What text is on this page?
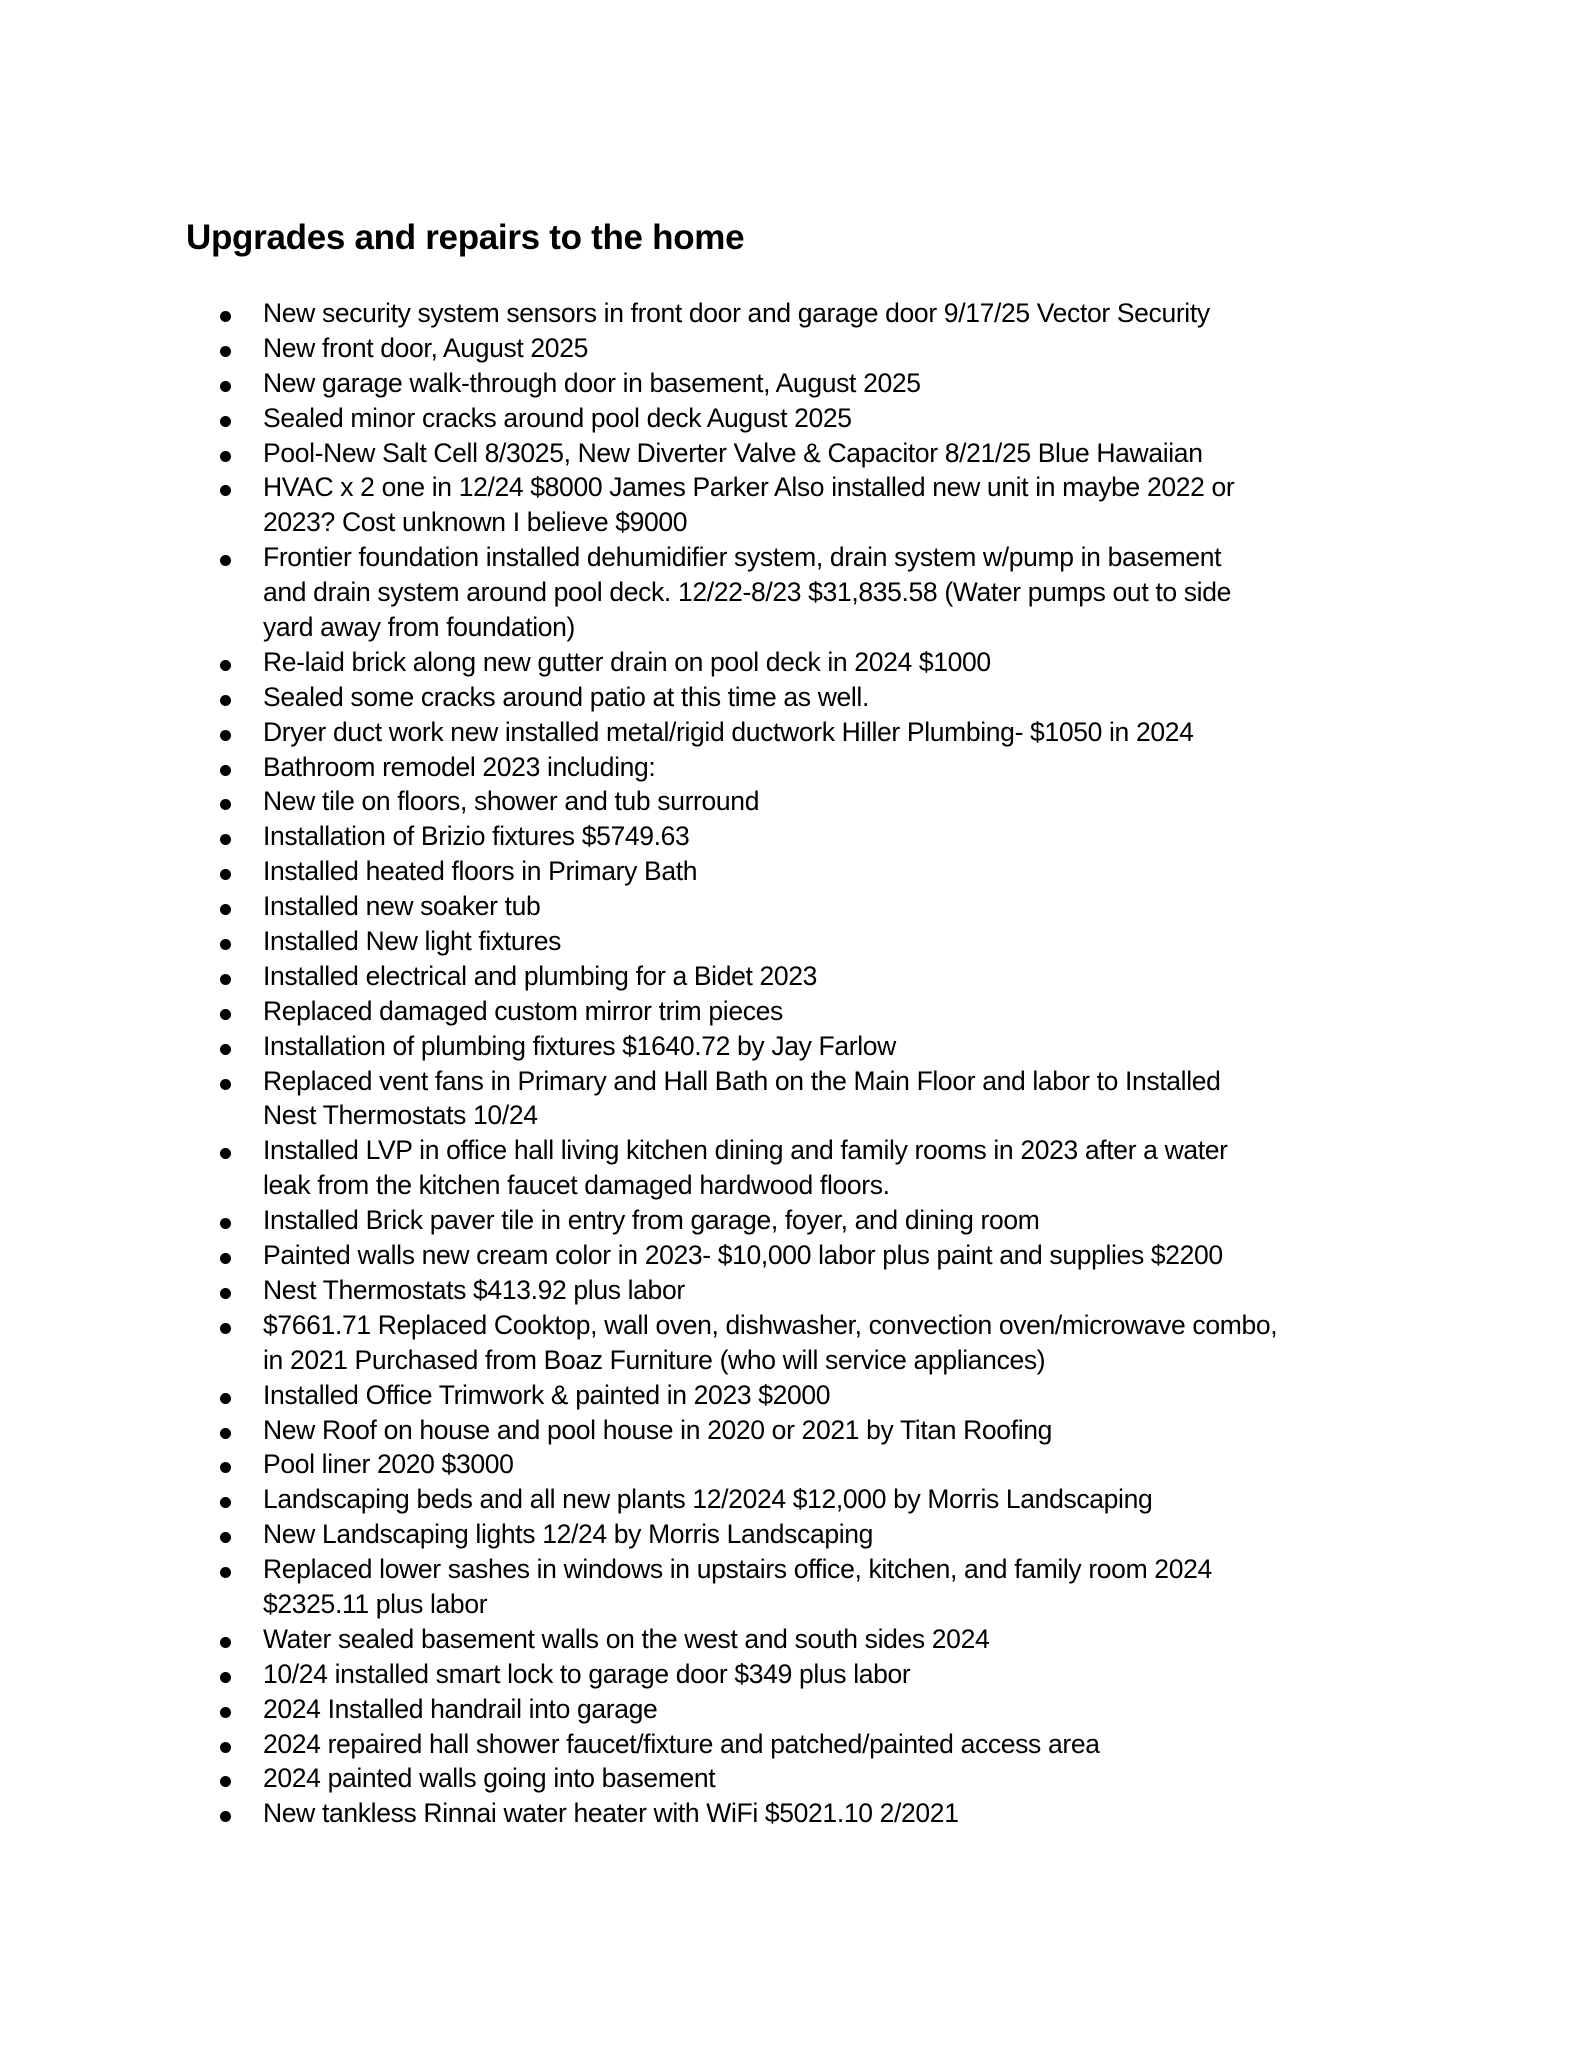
Upgrades and repairs to the home
New security system sensors in front door and garage door 9/17/25 Vector Security
New front door, August 2025
New garage walk-through door in basement, August 2025
Sealed minor cracks around pool deck August 2025
Pool-New Salt Cell 8/3025, New Diverter Valve & Capacitor 8/21/25 Blue Hawaiian
HVAC x 2 one in 12/24 $8000 James Parker Also installed new unit in maybe 2022 or
2023? Cost unknown I believe $9000
Frontier foundation installed dehumidifier system, drain system w/pump in basement
and drain system around pool deck. 12/22-8/23 $31,835.58 (Water pumps out to side
yard away from foundation)
Re-laid brick along new gutter drain on pool deck in 2024 $1000
Sealed some cracks around patio at this time as well.
Dryer duct work new installed metal/rigid ductwork Hiller Plumbing- $1050 in 2024
Bathroom remodel 2023 including:
New tile on floors, shower and tub surround
Installation of Brizio fixtures $5749.63
Installed heated floors in Primary Bath
Installed new soaker tub
Installed New light fixtures
Installed electrical and plumbing for a Bidet 2023
Replaced damaged custom mirror trim pieces
Installation of plumbing fixtures $1640.72 by Jay Farlow
Replaced vent fans in Primary and Hall Bath on the Main Floor and labor to Installed
Nest Thermostats 10/24
Installed LVP in office hall living kitchen dining and family rooms in 2023 after a water
leak from the kitchen faucet damaged hardwood floors.
Installed Brick paver tile in entry from garage, foyer, and dining room
Painted walls new cream color in 2023- $10,000 labor plus paint and supplies $2200
Nest Thermostats $413.92 plus labor
$7661.71 Replaced Cooktop, wall oven, dishwasher, convection oven/microwave combo,
in 2021 Purchased from Boaz Furniture (who will service appliances)
Installed Office Trimwork & painted in 2023 $2000
New Roof on house and pool house in 2020 or 2021 by Titan Roofing
Pool liner 2020 $3000
Landscaping beds and all new plants 12/2024 $12,000 by Morris Landscaping
New Landscaping lights 12/24 by Morris Landscaping
Replaced lower sashes in windows in upstairs office, kitchen, and family room 2024
$2325.11 plus labor
Water sealed basement walls on the west and south sides 2024
10/24 installed smart lock to garage door $349 plus labor
2024 Installed handrail into garage
2024 repaired hall shower faucet/fixture and patched/painted access area
2024 painted walls going into basement
New tankless Rinnai water heater with WiFi $5021.10 2/2021
